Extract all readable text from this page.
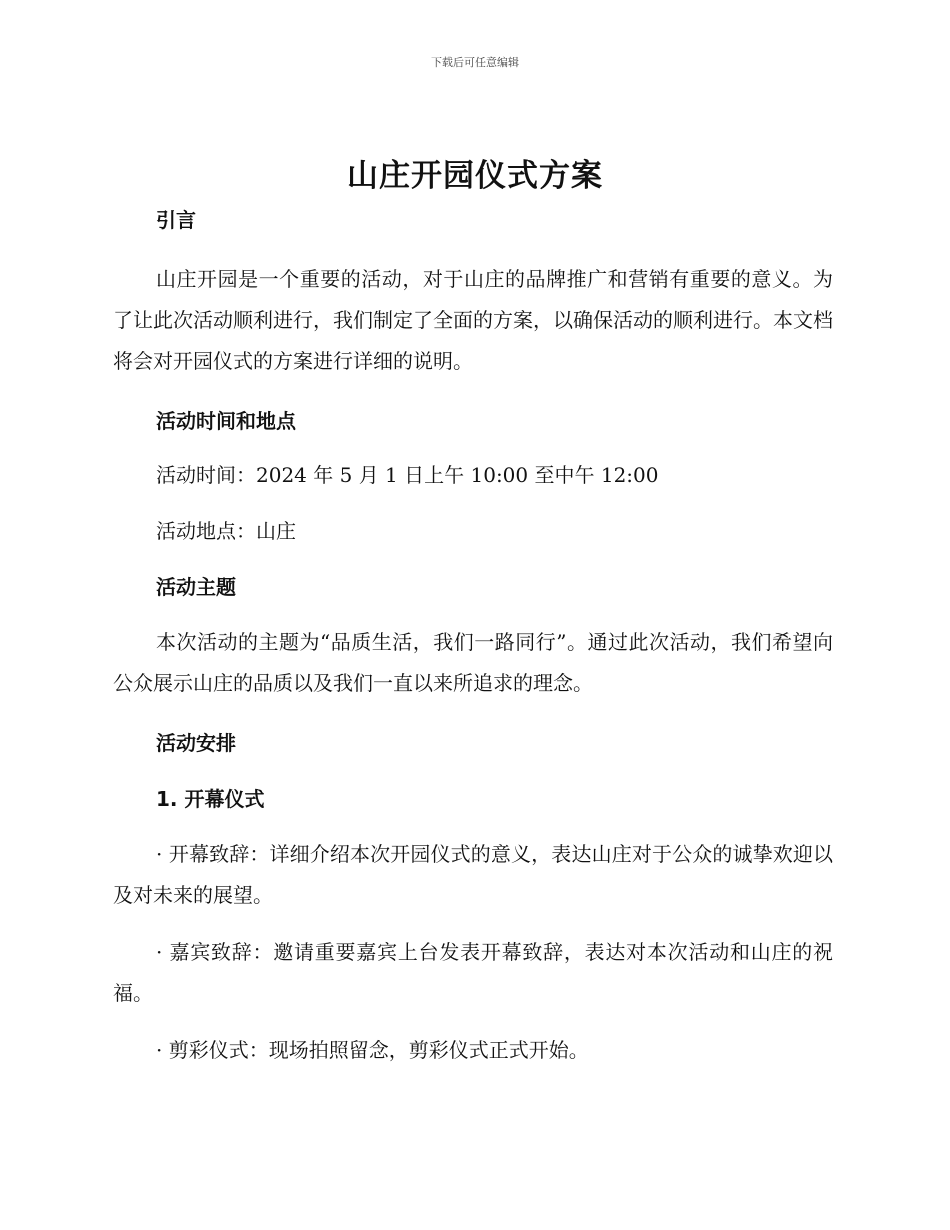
下载后可任意编辑
山庄开园仪式方案

引言

山庄开园是一个重要的活动，对于山庄的品牌推广和营销有重要的意义。为了让此次活动顺利进行，我们制定了全面的方案，以确保活动的顺利进行。本文档将会对开园仪式的方案进行详细的说明。

活动时间和地点

活动时间：2024 年 5 月 1 日上午 10:00 至中午 12:00

活动地点：山庄

活动主题

本次活动的主题为“品质生活，我们一路同行”。通过此次活动，我们希望向公众展示山庄的品质以及我们一直以来所追求的理念。

活动安排

1. 开幕仪式

· 开幕致辞：详细介绍本次开园仪式的意义，表达山庄对于公众的诚挚欢迎以及对未来的展望。

· 嘉宾致辞：邀请重要嘉宾上台发表开幕致辞，表达对本次活动和山庄的祝福。

· 剪彩仪式：现场拍照留念，剪彩仪式正式开始。
